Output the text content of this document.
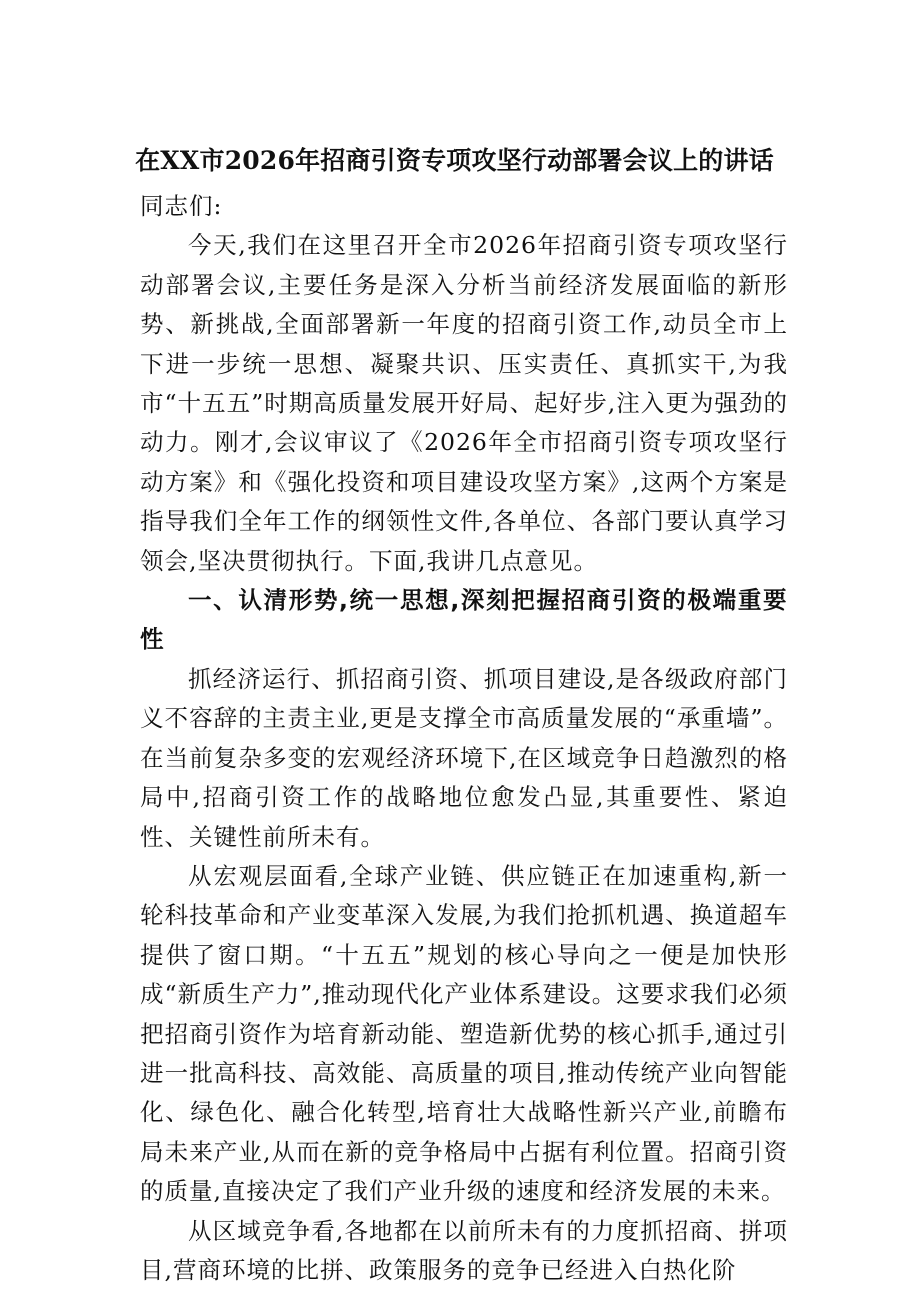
在XX市2026年招商引资专项攻坚行动部署会议上的讲话

同志们:

今天,我们在这里召开全市2026年招商引资专项攻坚行动部署会议,主要任务是深入分析当前经济发展面临的新形势、新挑战,全面部署新一年度的招商引资工作,动员全市上下进一步统一思想、凝聚共识、压实责任、真抓实干,为我市“十五五”时期高质量发展开好局、起好步,注入更为强劲的动力。刚才,会议审议了《2026年全市招商引资专项攻坚行动方案》和《强化投资和项目建设攻坚方案》,这两个方案是指导我们全年工作的纲领性文件,各单位、各部门要认真学习领会,坚决贯彻执行。下面,我讲几点意见。

一、认清形势,统一思想,深刻把握招商引资的极端重要性

抓经济运行、抓招商引资、抓项目建设,是各级政府部门义不容辞的主责主业,更是支撑全市高质量发展的“承重墙”。在当前复杂多变的宏观经济环境下,在区域竞争日趋激烈的格局中,招商引资工作的战略地位愈发凸显,其重要性、紧迫性、关键性前所未有。

从宏观层面看,全球产业链、供应链正在加速重构,新一轮科技革命和产业变革深入发展,为我们抢抓机遇、换道超车提供了窗口期。“十五五”规划的核心导向之一便是加快形成“新质生产力”,推动现代化产业体系建设。这要求我们必须把招商引资作为培育新动能、塑造新优势的核心抓手,通过引进一批高科技、高效能、高质量的项目,推动传统产业向智能化、绿色化、融合化转型,培育壮大战略性新兴产业,前瞻布局未来产业,从而在新的竞争格局中占据有利位置。招商引资的质量,直接决定了我们产业升级的速度和经济发展的未来。

从区域竞争看,各地都在以前所未有的力度抓招商、拼项目,营商环境的比拼、政策服务的竞争已经进入白热化阶
